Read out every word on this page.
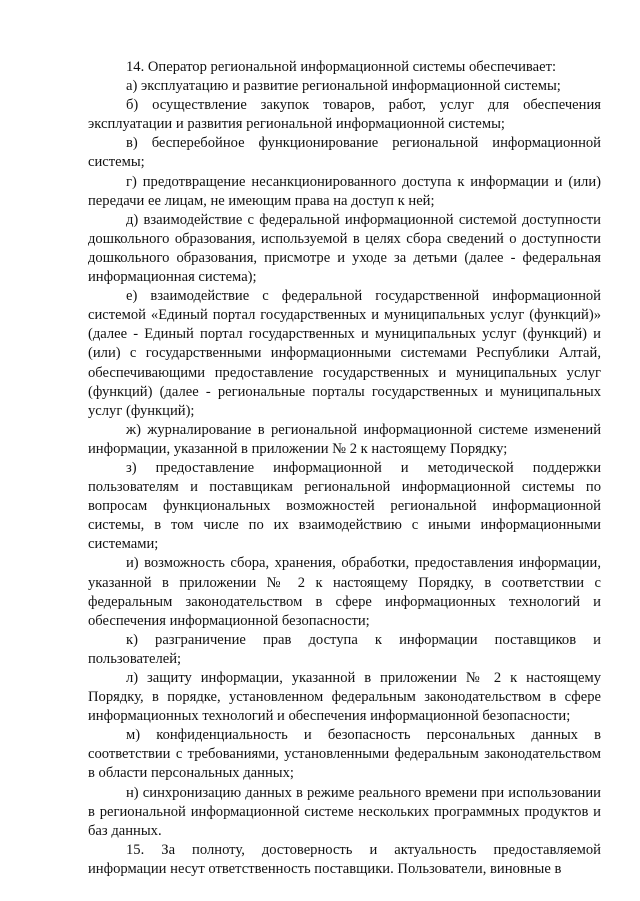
14. Оператор региональной информационной системы обеспечивает:

а) эксплуатацию и развитие региональной информационной системы;

б) осуществление закупок товаров, работ, услуг для обеспечения эксплуатации и развития региональной информационной системы;

в) бесперебойное функционирование региональной информационной системы;

г) предотвращение несанкционированного доступа к информации и (или) передачи ее лицам, не имеющим права на доступ к ней;

д) взаимодействие с федеральной информационной системой доступности дошкольного образования, используемой в целях сбора сведений о доступности дошкольного образования, присмотре и уходе за детьми (далее - федеральная информационная система);

е) взаимодействие с федеральной государственной информационной системой «Единый портал государственных и муниципальных услуг (функций)» (далее - Единый портал государственных и муниципальных услуг (функций) и (или) с государственными информационными системами Республики Алтай, обеспечивающими предоставление государственных и муниципальных услуг (функций) (далее - региональные порталы государственных и муниципальных услуг (функций);

ж) журналирование в региональной информационной системе изменений информации, указанной в приложении № 2 к настоящему Порядку;

з) предоставление информационной и методической поддержки пользователям и поставщикам региональной информационной системы по вопросам функциональных возможностей региональной информационной системы, в том числе по их взаимодействию с иными информационными системами;

и) возможность сбора, хранения, обработки, предоставления информации, указанной в приложении № 2 к настоящему Порядку, в соответствии с федеральным законодательством в сфере информационных технологий и обеспечения информационной безопасности;

к) разграничение прав доступа к информации поставщиков и пользователей;

л) защиту информации, указанной в приложении № 2 к настоящему Порядку, в порядке, установленном федеральным законодательством в сфере информационных технологий и обеспечения информационной безопасности;

м) конфиденциальность и безопасность персональных данных в соответствии с требованиями, установленными федеральным законодательством в области персональных данных;

н) синхронизацию данных в режиме реального времени при использовании в региональной информационной системе нескольких программных продуктов и баз данных.

15. За полноту, достоверность и актуальность предоставляемой информации несут ответственность поставщики. Пользователи, виновные в
